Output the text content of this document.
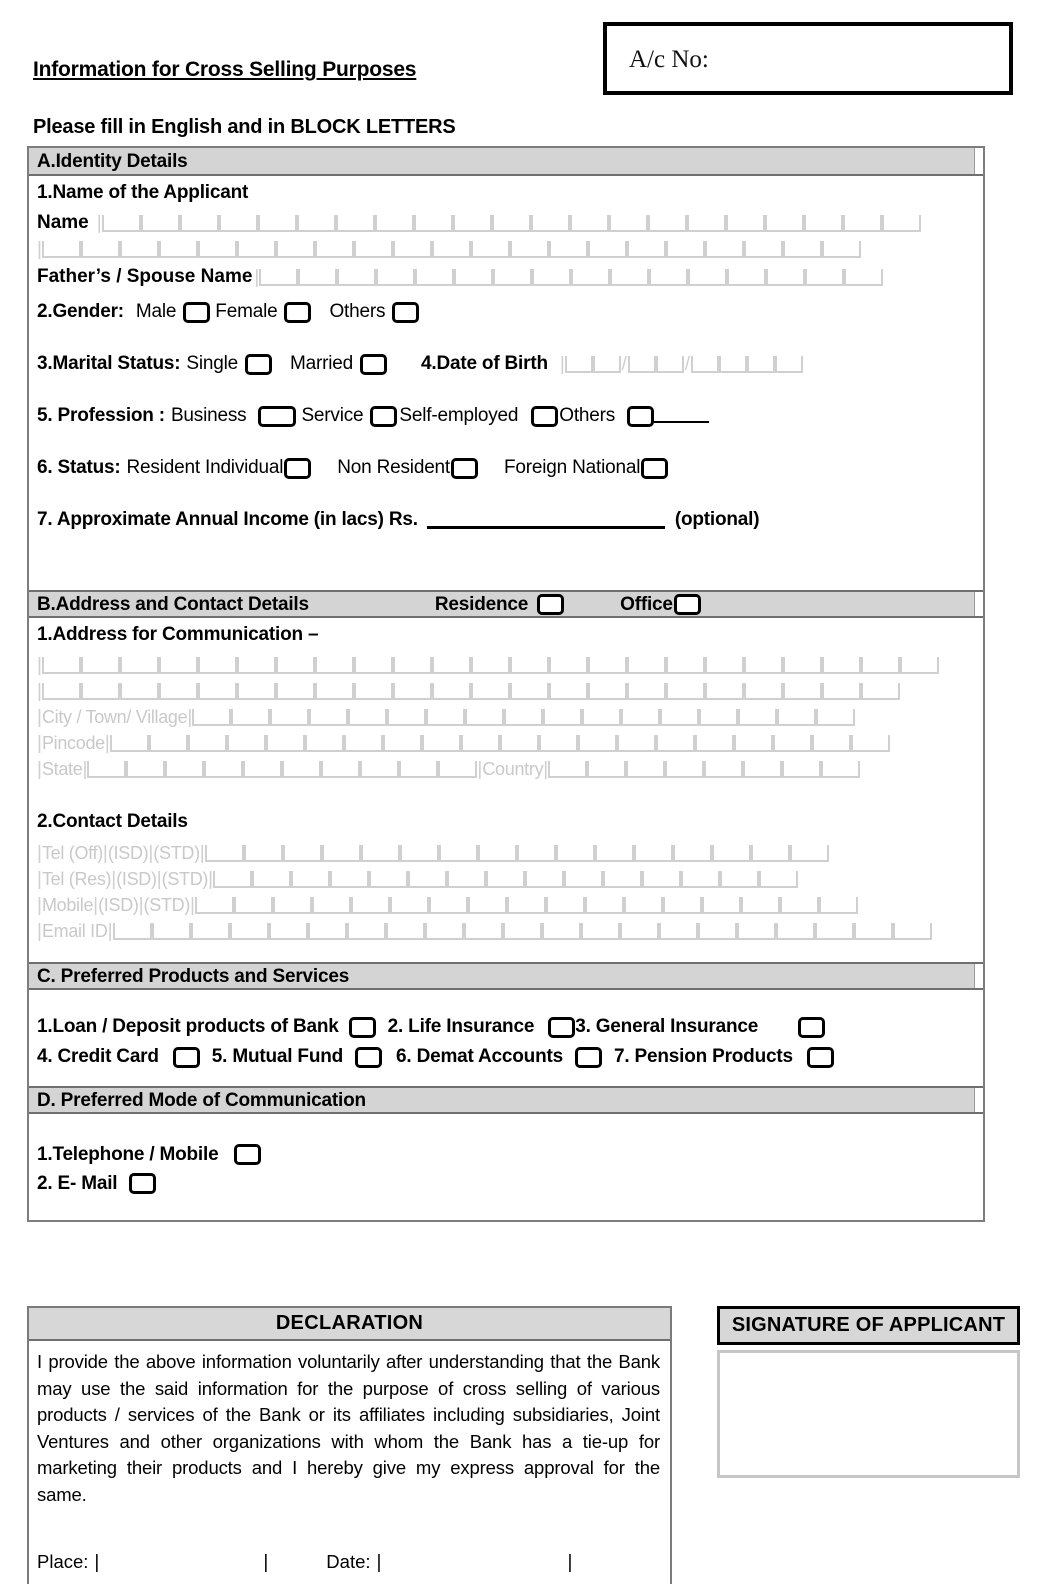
Information for Cross Selling Purposes	A/c No:
Please fill in English and in BLOCK LETTERS
A.Identity Details
1.Name of the Applicant
Name |
|
Father’s / Spouse Name |
2.Gender: Male Female	Others
3.Marital Status: Single	Married	4.Date of Birth |	/	/
5. Profession : Business	Service Self-employed Others
6. Status: Resident Individual	Non Resident	Foreign National
7. Approximate Annual Income (in lacs) Rs.	(optional)
B.Address and Contact Details	Residence	Office
1.Address for Communication –
|
|
| City / Town/ Village |
| Pincode |
| State |	| Country |
2.Contact Details
| Tel (Off) | (ISD) | (STD) |
| Tel (Res) | (ISD) | (STD) |
| Mobile | (ISD) | (STD) |
| Email ID |
C. Preferred Products and Services
1.Loan / Deposit products of Bank	2. Life Insurance 3. General Insurance
4. Credit Card	5. Mutual Fund	6. Demat Accounts	7. Pension Products
D. Preferred Mode of Communication
1.Telephone / Mobile
2. E- Mail
DECLARATION
I provide the above information voluntarily after understanding that the Bank may use the said information for the purpose of cross selling of various products / services of the Bank or its affiliates including subsidiaries, Joint Ventures and other organizations with whom the Bank has a tie-up for marketing their products and I hereby give my express approval for the same.
Place: |	|	Date: |	|
SIGNATURE OF APPLICANT
